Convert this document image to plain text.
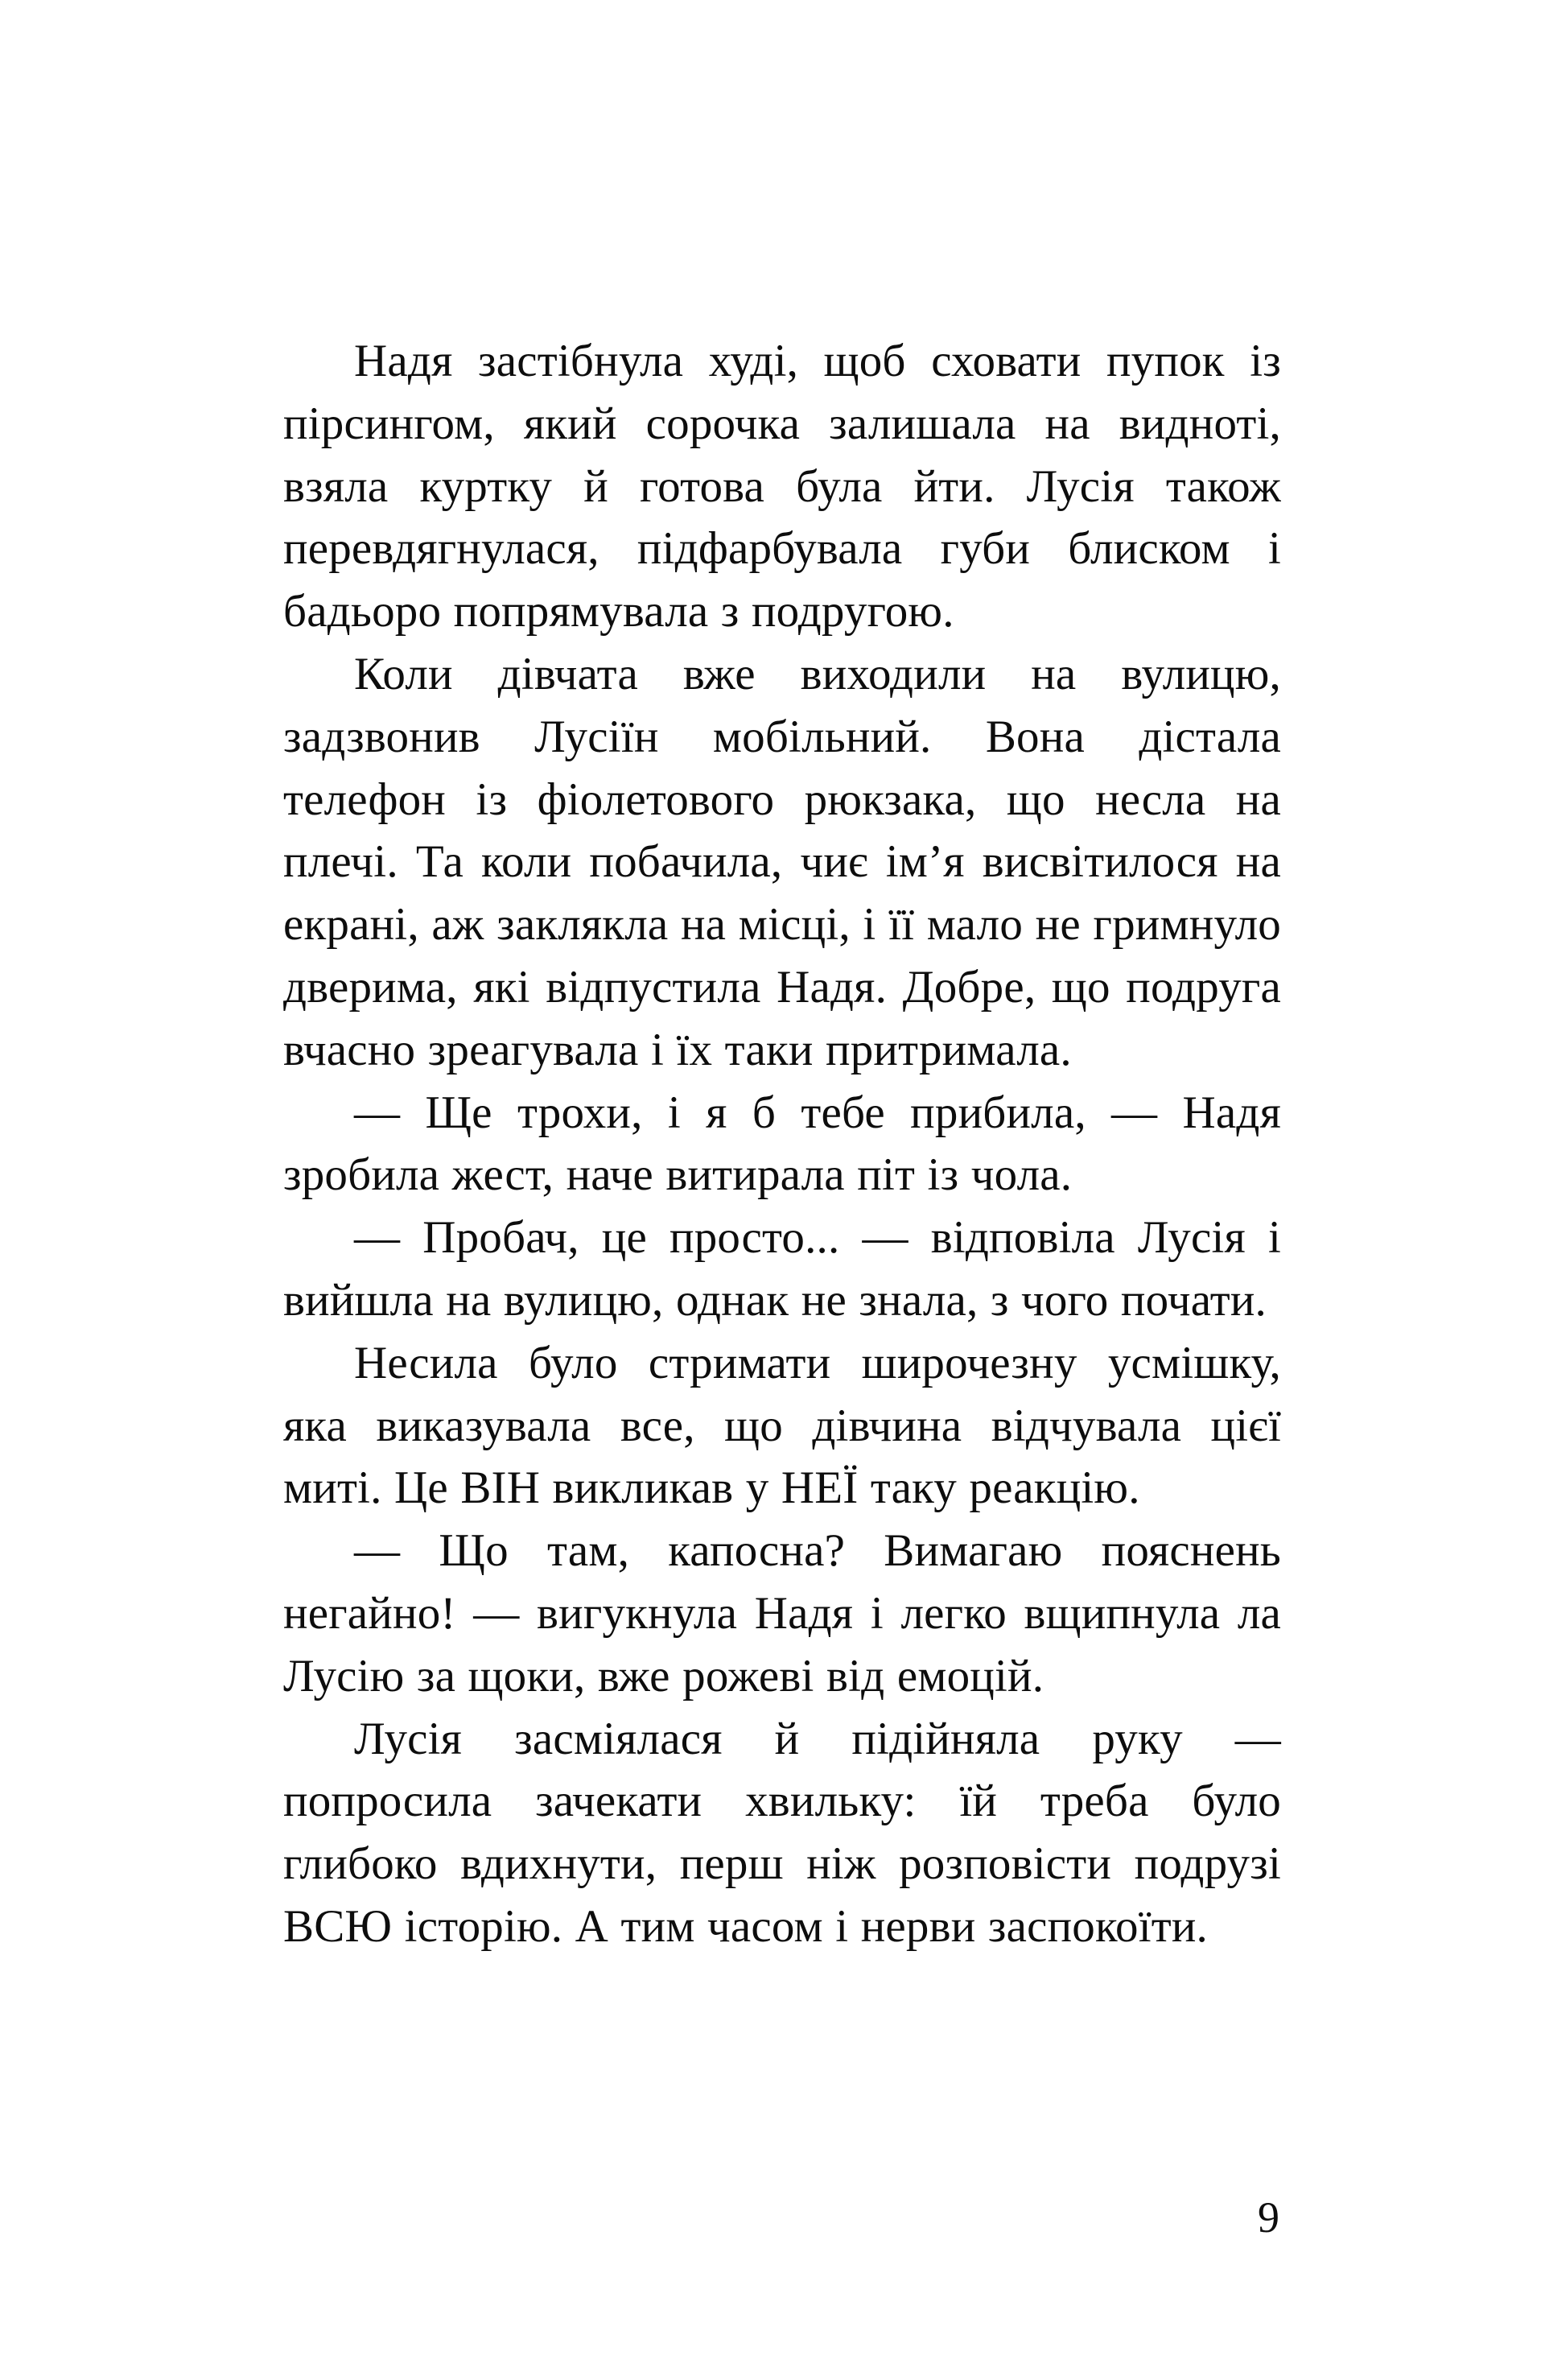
Надя застібнула худі, щоб сховати пупок із пірсингом, який сорочка залишала на видноті, взяла куртку й готова була йти. Лусія також перевдягнулася, підфарбувала губи блиском і бадьоро попрямувала з подругою.

Коли дівчата вже виходили на вулицю, задзвонив Лусіїн мобільний. Вона дістала телефон із фіолетового рюкзака, що несла на плечі. Та коли побачила, чиє ім’я висвітилося на екрані, аж заклякла на місці, і її мало не гримнуло дверима, які відпустила Надя. Добре, що подруга вчасно зреагувала і їх таки притримала.

— Ще трохи, і я б тебе прибила, — Надя зробила жест, наче витирала піт із чола.

— Пробач, це просто... — відповіла Лусія і вийшла на вулицю, однак не знала, з чого почати.

Несила було стримати широчезну усмішку, яка виказувала все, що дівчина відчувала цієї миті. Це ВІН викликав у НЕЇ таку реакцію.

— Що там, капосна? Вимагаю пояснень негайно! — вигукнула Надя і легко вщипнула ла Лусію за щоки, вже рожеві від емоцій.

Лусія засміялася й підійняла руку — попросила зачекати хвильку: їй треба було глибоко вдихнути, перш ніж розповісти подрузі ВСЮ історію. А тим часом і нерви заспокоїти.

9
